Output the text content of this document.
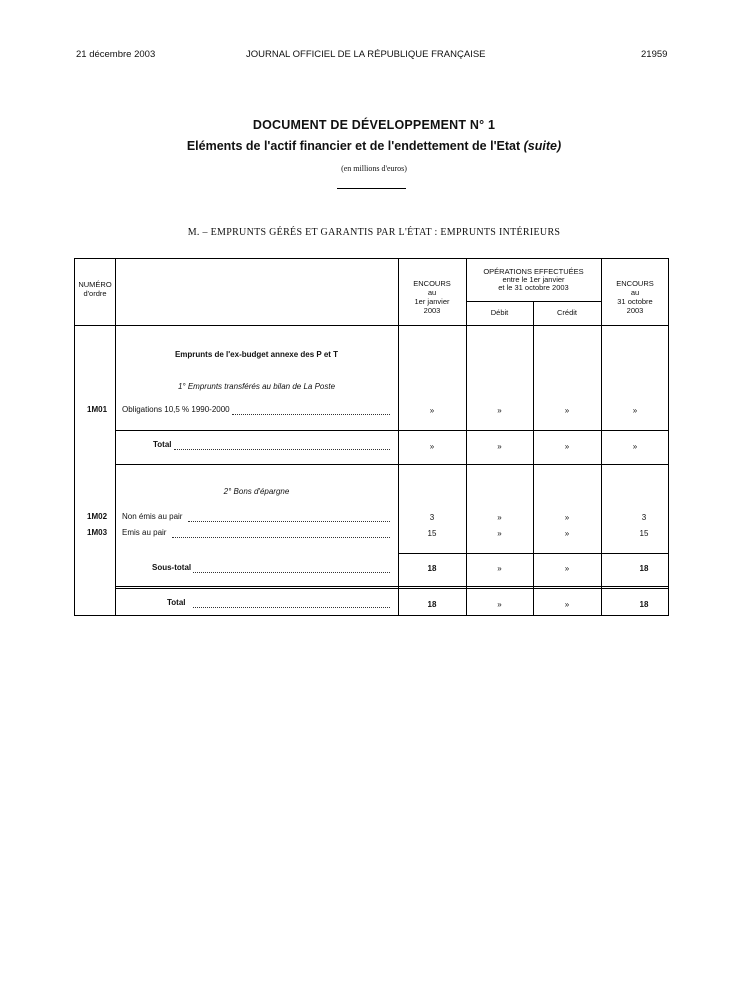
21 décembre 2003	JOURNAL OFFICIEL DE LA RÉPUBLIQUE FRANÇAISE	21959
DOCUMENT DE DÉVELOPPEMENT N° 1
Eléments de l'actif financier et de l'endettement de l'Etat (suite)
(en millions d'euros)
M. – EMPRUNTS GÉRÉS ET GARANTIS PAR L'ÉTAT : EMPRUNTS INTÉRIEURS
NUMÉRO
d'ordre
ENCOURS
au
1er janvier
2003
OPÉRATIONS EFFECTUÉES
entre le 1er janvier
et le 31 octobre 2003
Débit	Crédit
ENCOURS
au
31 octobre
2003
Emprunts de l'ex-budget annexe des P et T
1° Emprunts transférés au bilan de La Poste
1M01 Obligations 10,5 % 1990-2000	»	»	»	»
Total	»	»	»	»
2° Bons d'épargne
1M02 Non émis au pair	3	»	»	3
1M03 Emis au pair	15	»	»	15
Sous-total	18	»	»	18
Total	18	»	»	18
